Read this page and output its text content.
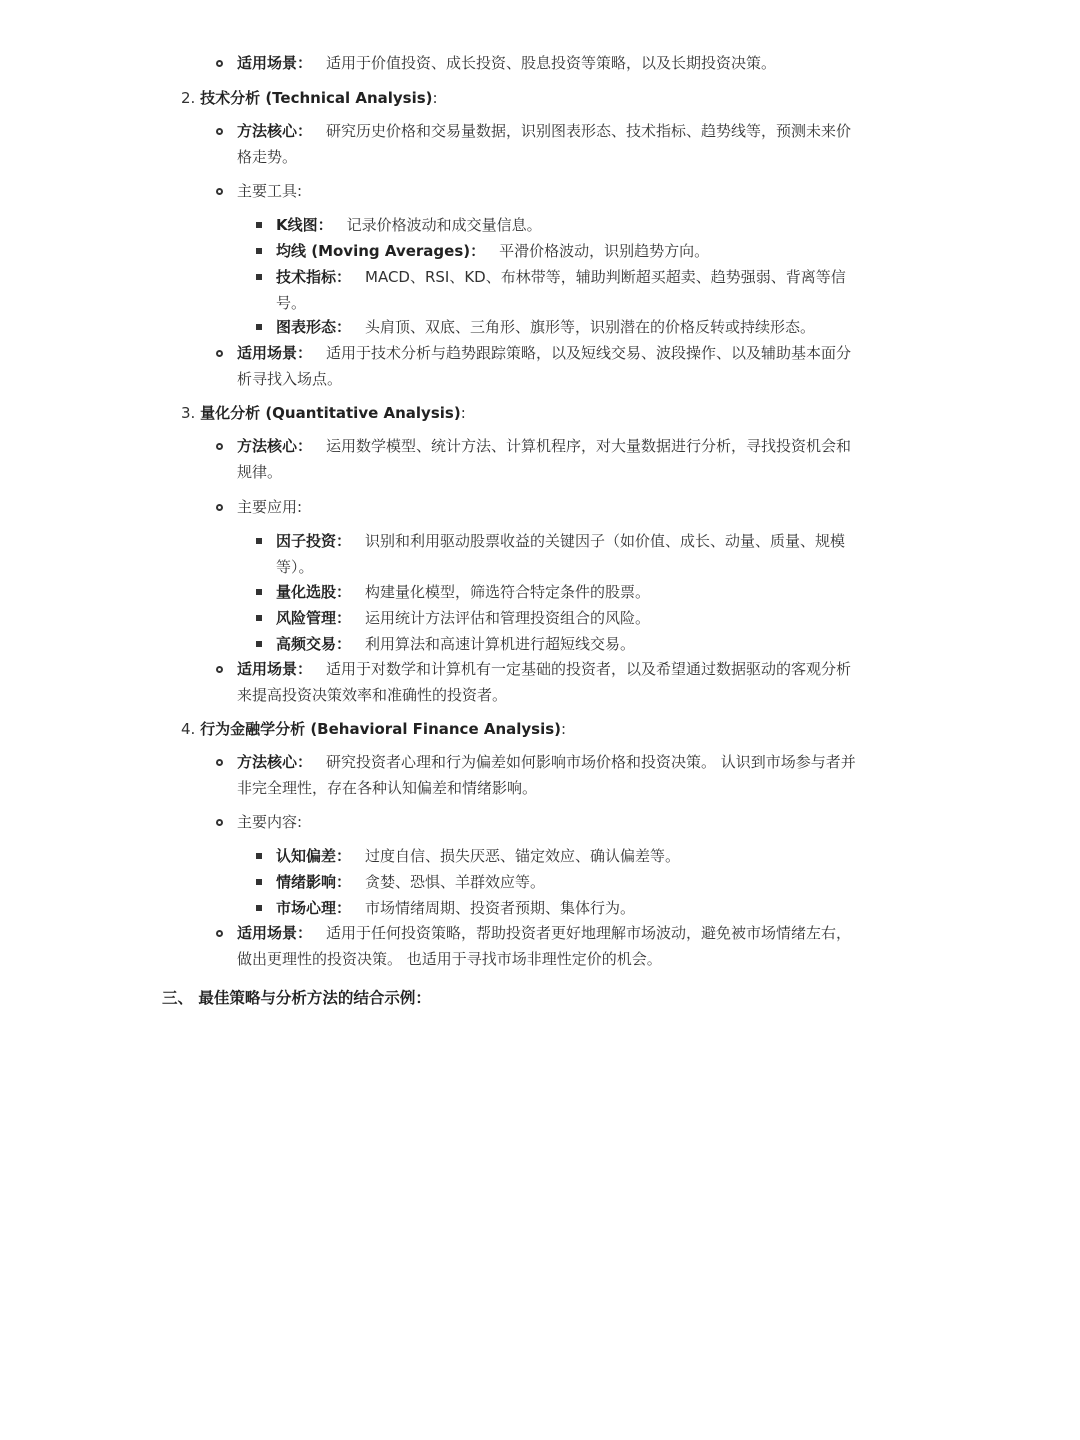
适用场景： 适用于价值投资、成长投资、股息投资等策略，以及长期投资决策。
2. 技术分析 (Technical Analysis):
方法核心： 研究历史价格和交易量数据，识别图表形态、技术指标、趋势线等，预测未来价
格走势。
主要工具:
K线图： 记录价格波动和成交量信息。
均线 (Moving Averages)： 平滑价格波动，识别趋势方向。
技术指标： MACD、RSI、KD、布林带等，辅助判断超买超卖、趋势强弱、背离等信
号。
图表形态： 头肩顶、双底、三角形、旗形等，识别潜在的价格反转或持续形态。
适用场景： 适用于技术分析与趋势跟踪策略，以及短线交易、波段操作、以及辅助基本面分
析寻找入场点。
3. 量化分析 (Quantitative Analysis):
方法核心： 运用数学模型、统计方法、计算机程序，对大量数据进行分析，寻找投资机会和
规律。
主要应用:
因子投资： 识别和利用驱动股票收益的关键因子（如价值、成长、动量、质量、规模
等）。
量化选股： 构建量化模型，筛选符合特定条件的股票。
风险管理： 运用统计方法评估和管理投资组合的风险。
高频交易： 利用算法和高速计算机进行超短线交易。
适用场景： 适用于对数学和计算机有一定基础的投资者，以及希望通过数据驱动的客观分析
来提高投资决策效率和准确性的投资者。
4. 行为金融学分析 (Behavioral Finance Analysis):
方法核心： 研究投资者心理和行为偏差如何影响市场价格和投资决策。 认识到市场参与者并
非完全理性，存在各种认知偏差和情绪影响。
主要内容:
认知偏差： 过度自信、损失厌恶、锚定效应、确认偏差等。
情绪影响： 贪婪、恐惧、羊群效应等。
市场心理： 市场情绪周期、投资者预期、集体行为。
适用场景： 适用于任何投资策略，帮助投资者更好地理解市场波动，避免被市场情绪左右，
做出更理性的投资决策。 也适用于寻找市场非理性定价的机会。
三、 最佳策略与分析方法的结合示例：
